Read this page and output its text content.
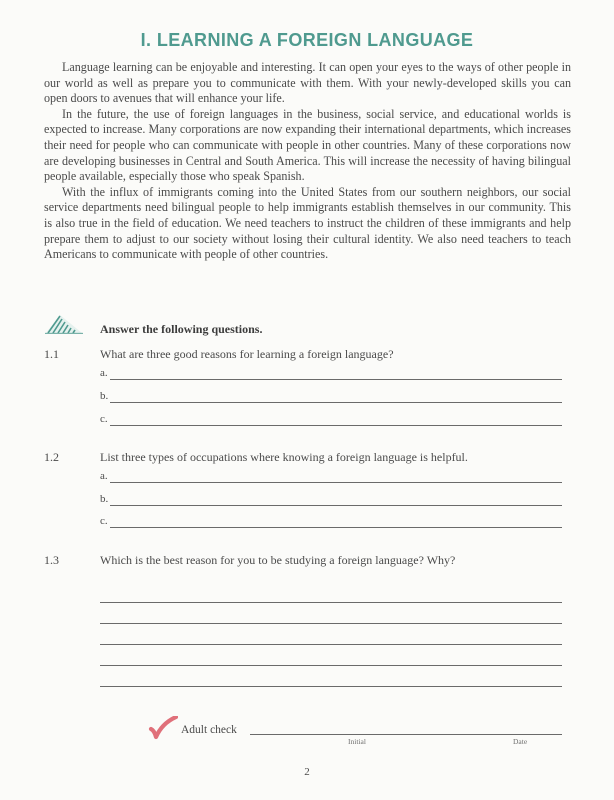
I. LEARNING A FOREIGN LANGUAGE

Language learning can be enjoyable and interesting. It can open your eyes to the ways of other people in our world as well as prepare you to communicate with them. With your newly-developed skills you can open doors to avenues that will enhance your life.

In the future, the use of foreign languages in the business, social service, and educational worlds is expected to increase. Many corporations are now expanding their international departments, which increases their need for people who can communicate with people in other countries. Many of these corporations now are developing businesses in Central and South America. This will increase the necessity of having bilingual people available, especially those who speak Spanish.

With the influx of immigrants coming into the United States from our southern neighbors, our social service departments need bilingual people to help immigrants establish themselves in our community. This is also true in the field of education. We need teachers to instruct the children of these immigrants and help prepare them to adjust to our society without losing their cultural identity. We also need teachers to teach Americans to communicate with people of other countries.

Answer the following questions.
1.1	What are three good reasons for learning a foreign language?
a.
b.
c.
1.2	List three types of occupations where knowing a foreign language is helpful.
a.
b.
c.
1.3	Which is the best reason for you to be studying a foreign language? Why?
Adult check
Initial	Date
2
